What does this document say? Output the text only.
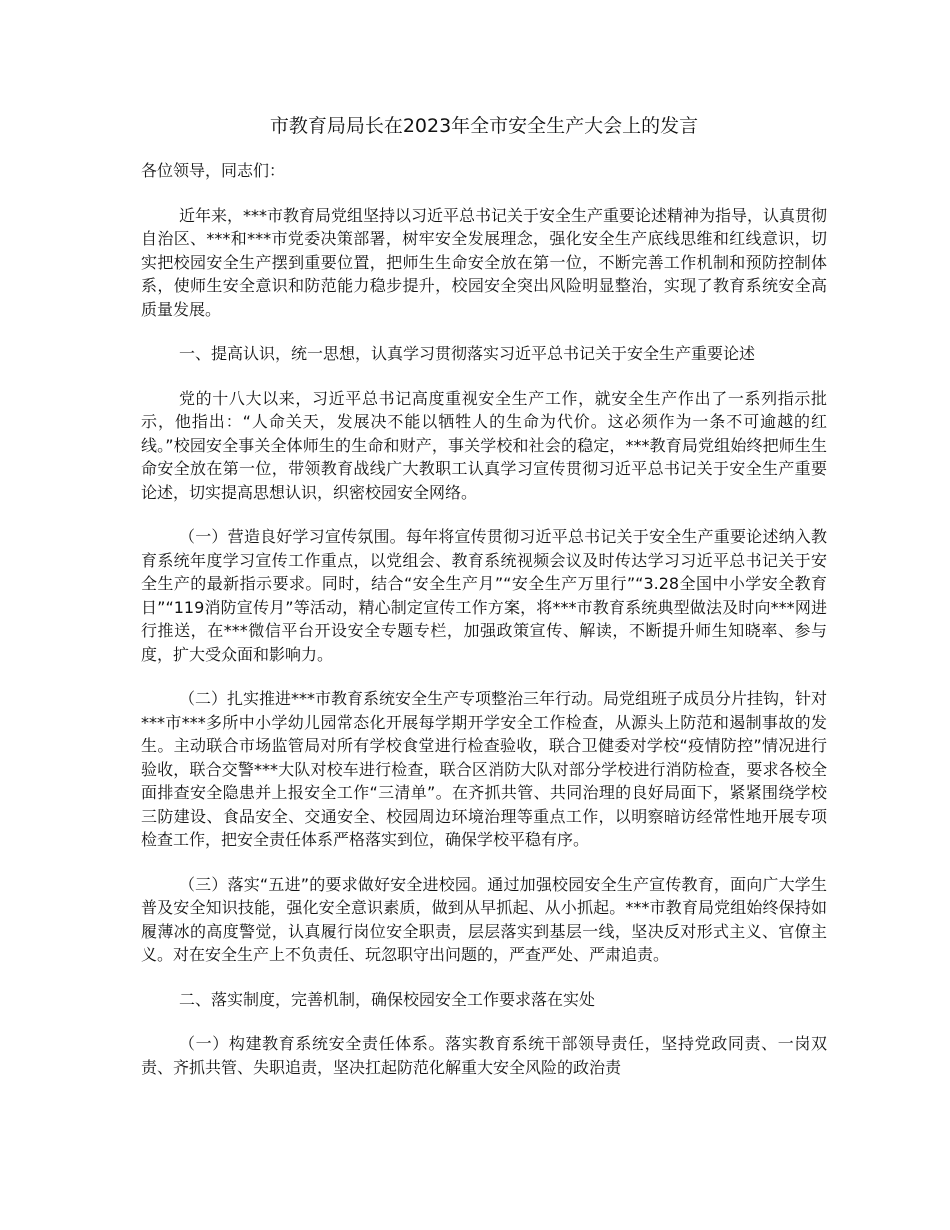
市教育局局长在2023年全市安全生产大会上的发言

各位领导，同志们：

近年来，***市教育局党组坚持以习近平总书记关于安全生产重要论述精神为指导，认真贯彻自治区、***和***市党委决策部署，树牢安全发展理念，强化安全生产底线思维和红线意识，切实把校园安全生产摆到重要位置，把师生生命安全放在第一位，不断完善工作机制和预防控制体系，使师生安全意识和防范能力稳步提升，校园安全突出风险明显整治，实现了教育系统安全高质量发展。

一、提高认识，统一思想，认真学习贯彻落实习近平总书记关于安全生产重要论述

党的十八大以来，习近平总书记高度重视安全生产工作，就安全生产作出了一系列指示批示，他指出：“人命关天，发展决不能以牺牲人的生命为代价。这必须作为一条不可逾越的红线。”校园安全事关全体师生的生命和财产，事关学校和社会的稳定，***教育局党组始终把师生生命安全放在第一位，带领教育战线广大教职工认真学习宣传贯彻习近平总书记关于安全生产重要论述，切实提高思想认识，织密校园安全网络。

（一）营造良好学习宣传氛围。每年将宣传贯彻习近平总书记关于安全生产重要论述纳入教育系统年度学习宣传工作重点，以党组会、教育系统视频会议及时传达学习习近平总书记关于安全生产的最新指示要求。同时，结合“安全生产月”“安全生产万里行”“3.28全国中小学安全教育日”“119消防宣传月”等活动，精心制定宣传工作方案，将***市教育系统典型做法及时向***网进行推送，在***微信平台开设安全专题专栏，加强政策宣传、解读，不断提升师生知晓率、参与度，扩大受众面和影响力。

（二）扎实推进***市教育系统安全生产专项整治三年行动。局党组班子成员分片挂钩，针对***市***多所中小学幼儿园常态化开展每学期开学安全工作检查，从源头上防范和遏制事故的发生。主动联合市场监管局对所有学校食堂进行检查验收，联合卫健委对学校“疫情防控”情况进行验收，联合交警***大队对校车进行检查，联合区消防大队对部分学校进行消防检查，要求各校全面排查安全隐患并上报安全工作“三清单”。在齐抓共管、共同治理的良好局面下，紧紧围绕学校三防建设、食品安全、交通安全、校园周边环境治理等重点工作，以明察暗访经常性地开展专项检查工作，把安全责任体系严格落实到位，确保学校平稳有序。

（三）落实“五进”的要求做好安全进校园。通过加强校园安全生产宣传教育，面向广大学生普及安全知识技能，强化安全意识素质，做到从早抓起、从小抓起。***市教育局党组始终保持如履薄冰的高度警觉，认真履行岗位安全职责，层层落实到基层一线，坚决反对形式主义、官僚主义。对在安全生产上不负责任、玩忽职守出问题的，严查严处、严肃追责。

二、落实制度，完善机制，确保校园安全工作要求落在实处

（一）构建教育系统安全责任体系。落实教育系统干部领导责任，坚持党政同责、一岗双责、齐抓共管、失职追责，坚决扛起防范化解重大安全风险的政治责
